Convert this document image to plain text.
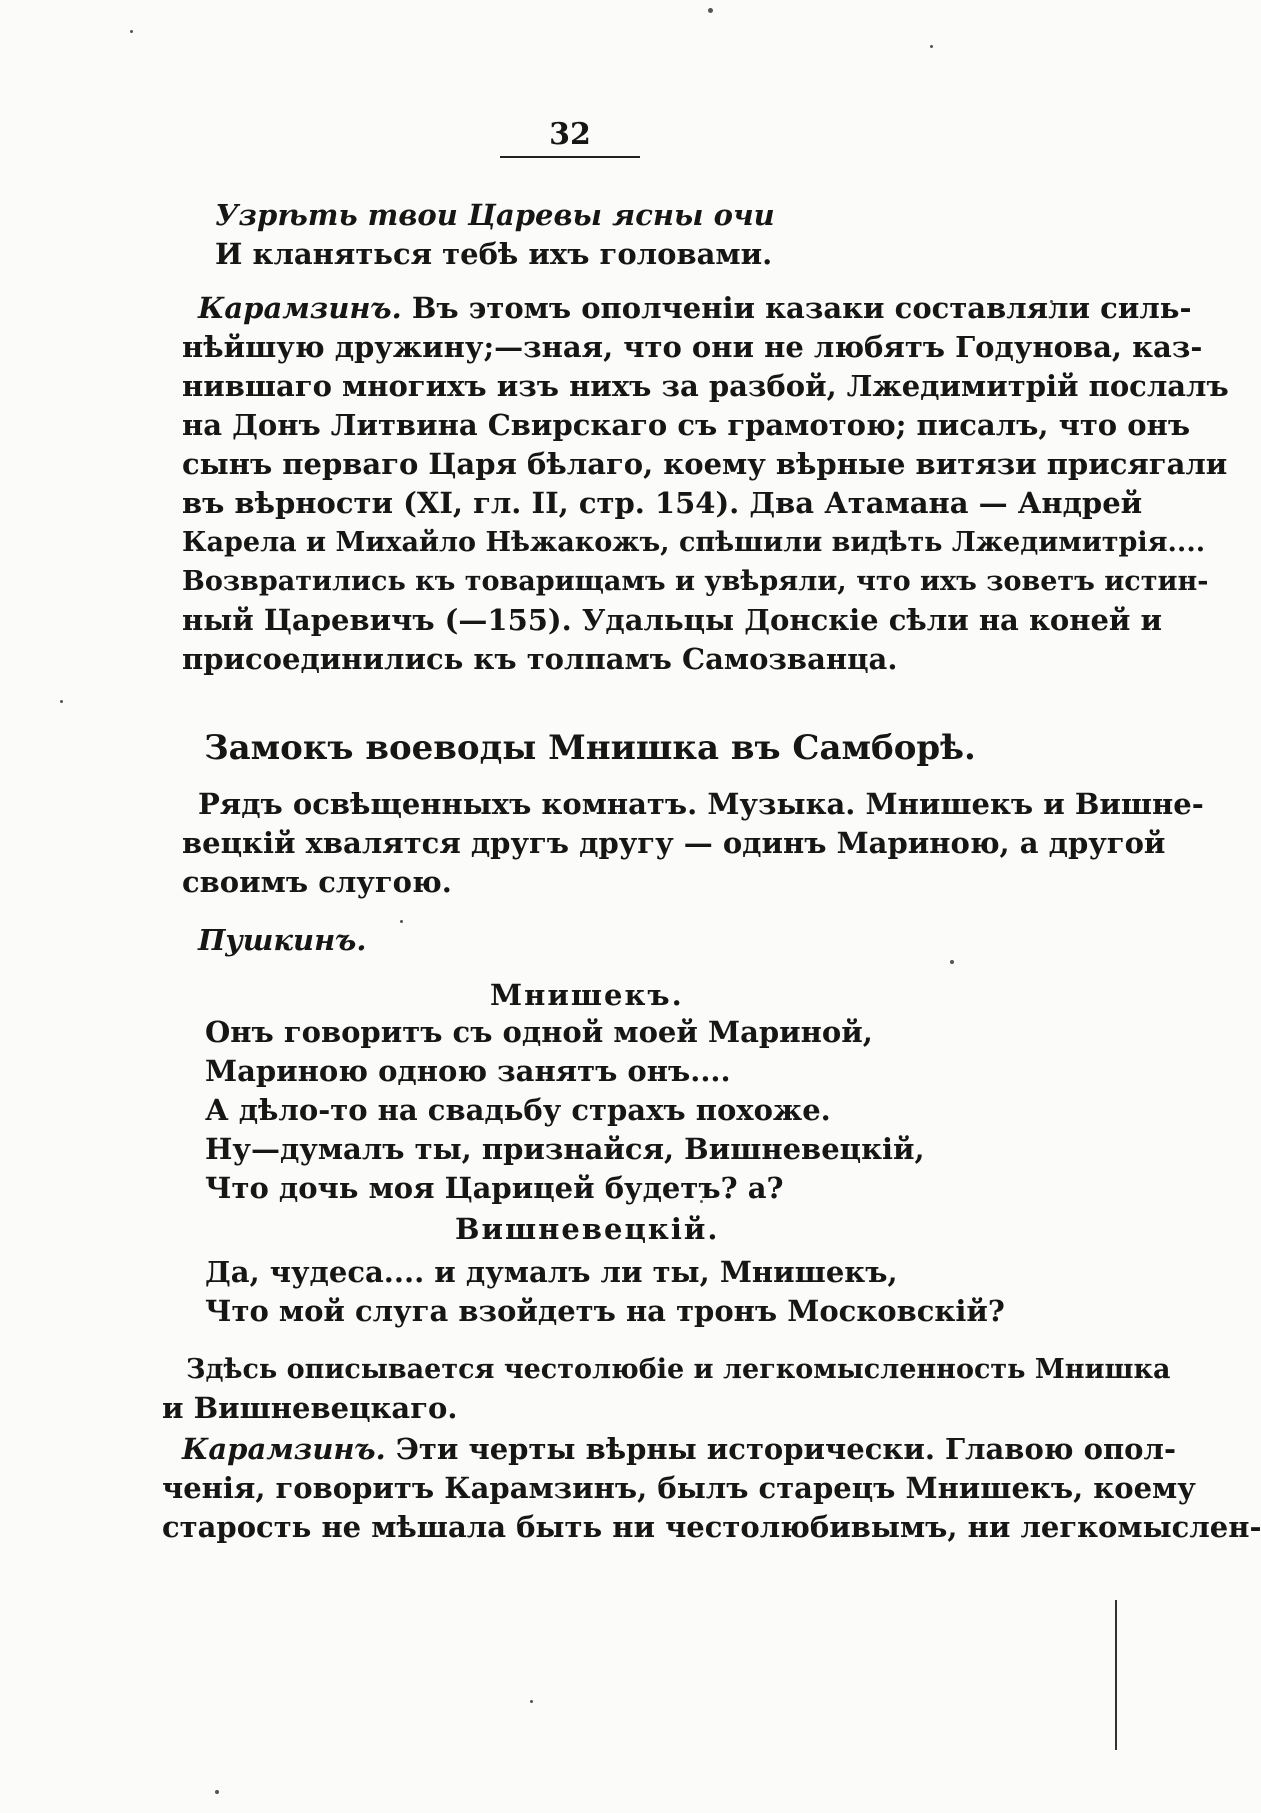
32
Узрѣть твои Царевы ясны очи
И кланяться тебѣ ихъ головами.
Карамзинъ. Въ этомъ ополченіи казаки составляли силь-
нѣйшую дружину;—зная, что они не любятъ Годунова, каз-
нившаго многихъ изъ нихъ за разбой, Лжедимитрій послалъ
на Донъ Литвина Свирскаго съ грамотою; писалъ, что онъ
сынъ перваго Царя бѣлаго, коему вѣрные витязи присягали
въ вѣрности (XI, гл. II, стр. 154). Два Атамана — Андрей
Карела и Михайло Нѣжакожъ, спѣшили видѣть Лжедимитрія....
Возвратились къ товарищамъ и увѣряли, что ихъ зоветъ истин-
ный Царевичъ (—155). Удальцы Донскіе сѣли на коней и
присоединились къ толпамъ Самозванца.
Замокъ воеводы Мнишка въ Самборѣ.
Рядъ освѣщенныхъ комнатъ. Музыка. Мнишекъ и Вишне-
вецкій хвалятся другъ другу — одинъ Мариною, а другой
своимъ слугою.
Пушкинъ.
Мнишекъ.
Онъ говоритъ съ одной моей Мариной,
Мариною одною занятъ онъ....
А дѣло-то на свадьбу страхъ похоже.
Ну—думалъ ты, признайся, Вишневецкій,
Что дочь моя Царицей будетъ? а?
Вишневецкій.
Да, чудеса.... и думалъ ли ты, Мнишекъ,
Что мой слуга взойдетъ на тронъ Московскій?
Здѣсь описывается честолюбіе и легкомысленность Мнишка
и Вишневецкаго.
Карамзинъ. Эти черты вѣрны исторически. Главою опол-
ченія, говоритъ Карамзинъ, былъ старецъ Мнишекъ, коему
старость не мѣшала быть ни честолюбивымъ, ни легкомыслен-
